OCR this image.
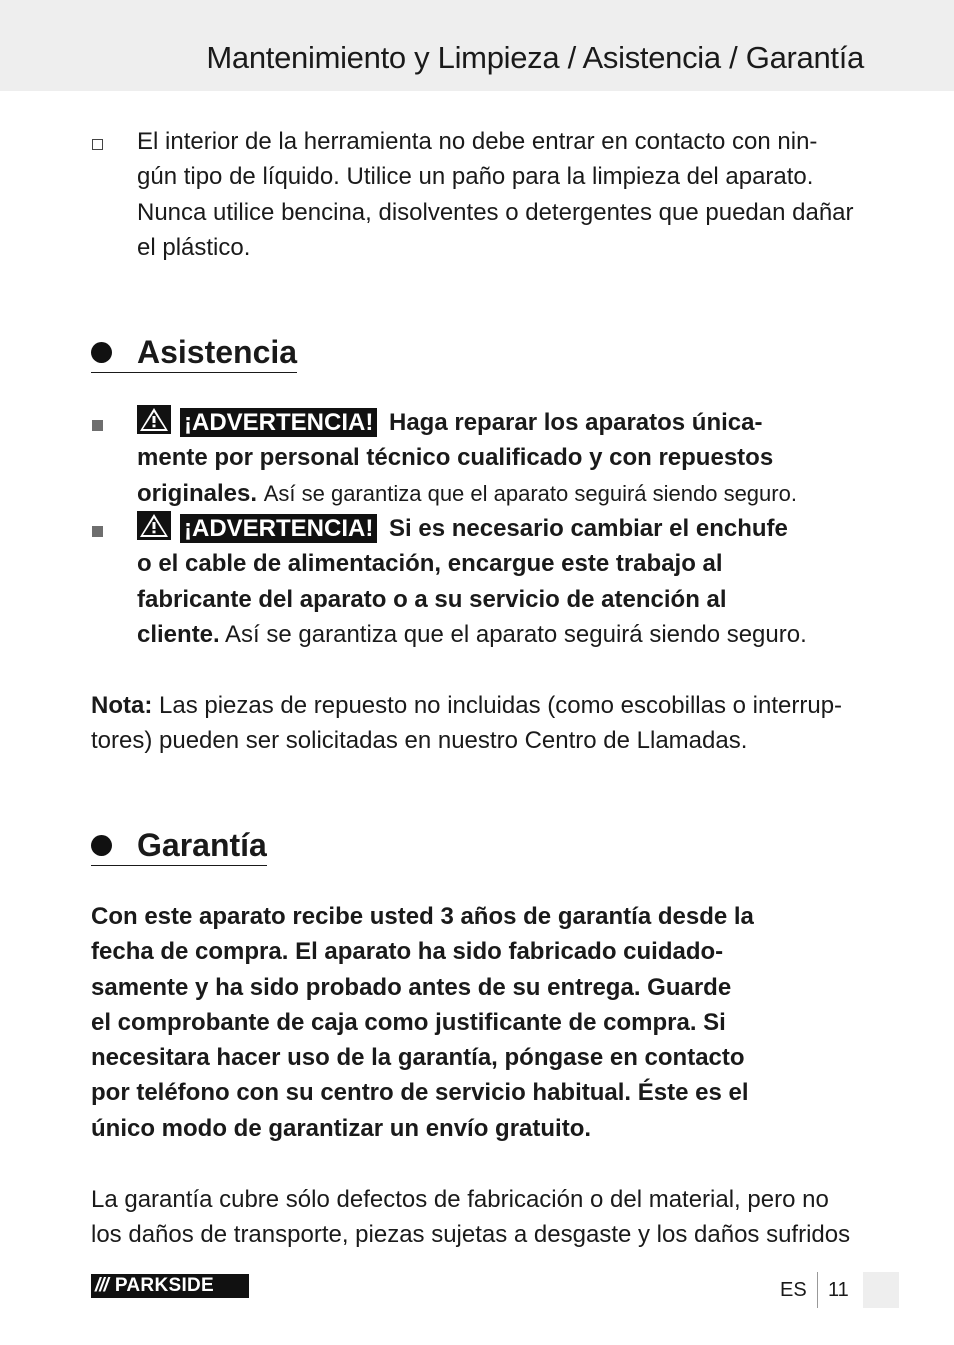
Mantenimiento y Limpieza / Asistencia / Garantía
El interior de la herramienta no debe entrar en contacto con nin-
gún tipo de líquido. Utilice un paño para la limpieza del aparato.
Nunca utilice bencina, disolventes o detergentes que puedan dañar
el plástico.
Asistencia
¡ADVERTENCIA! Haga reparar los aparatos única-
mente por personal técnico cualificado y con repuestos
originales. Así se garantiza que el aparato seguirá siendo seguro.
¡ADVERTENCIA! Si es necesario cambiar el enchufe
o el cable de alimentación, encargue este trabajo al
fabricante del aparato o a su servicio de atención al
cliente. Así se garantiza que el aparato seguirá siendo seguro.
Nota: Las piezas de repuesto no incluidas (como escobillas o interrup-
tores) pueden ser solicitadas en nuestro Centro de Llamadas.
Garantía
Con este aparato recibe usted 3 años de garantía desde la
fecha de compra. El aparato ha sido fabricado cuidado-
samente y ha sido probado antes de su entrega. Guarde
el comprobante de caja como justificante de compra. Si
necesitara hacer uso de la garantía, póngase en contacto
por teléfono con su centro de servicio habitual. Éste es el
único modo de garantizar un envío gratuito.
La garantía cubre sólo defectos de fabricación o del material, pero no
los daños de transporte, piezas sujetas a desgaste y los daños sufridos
/// PARKSIDE	ES 11
